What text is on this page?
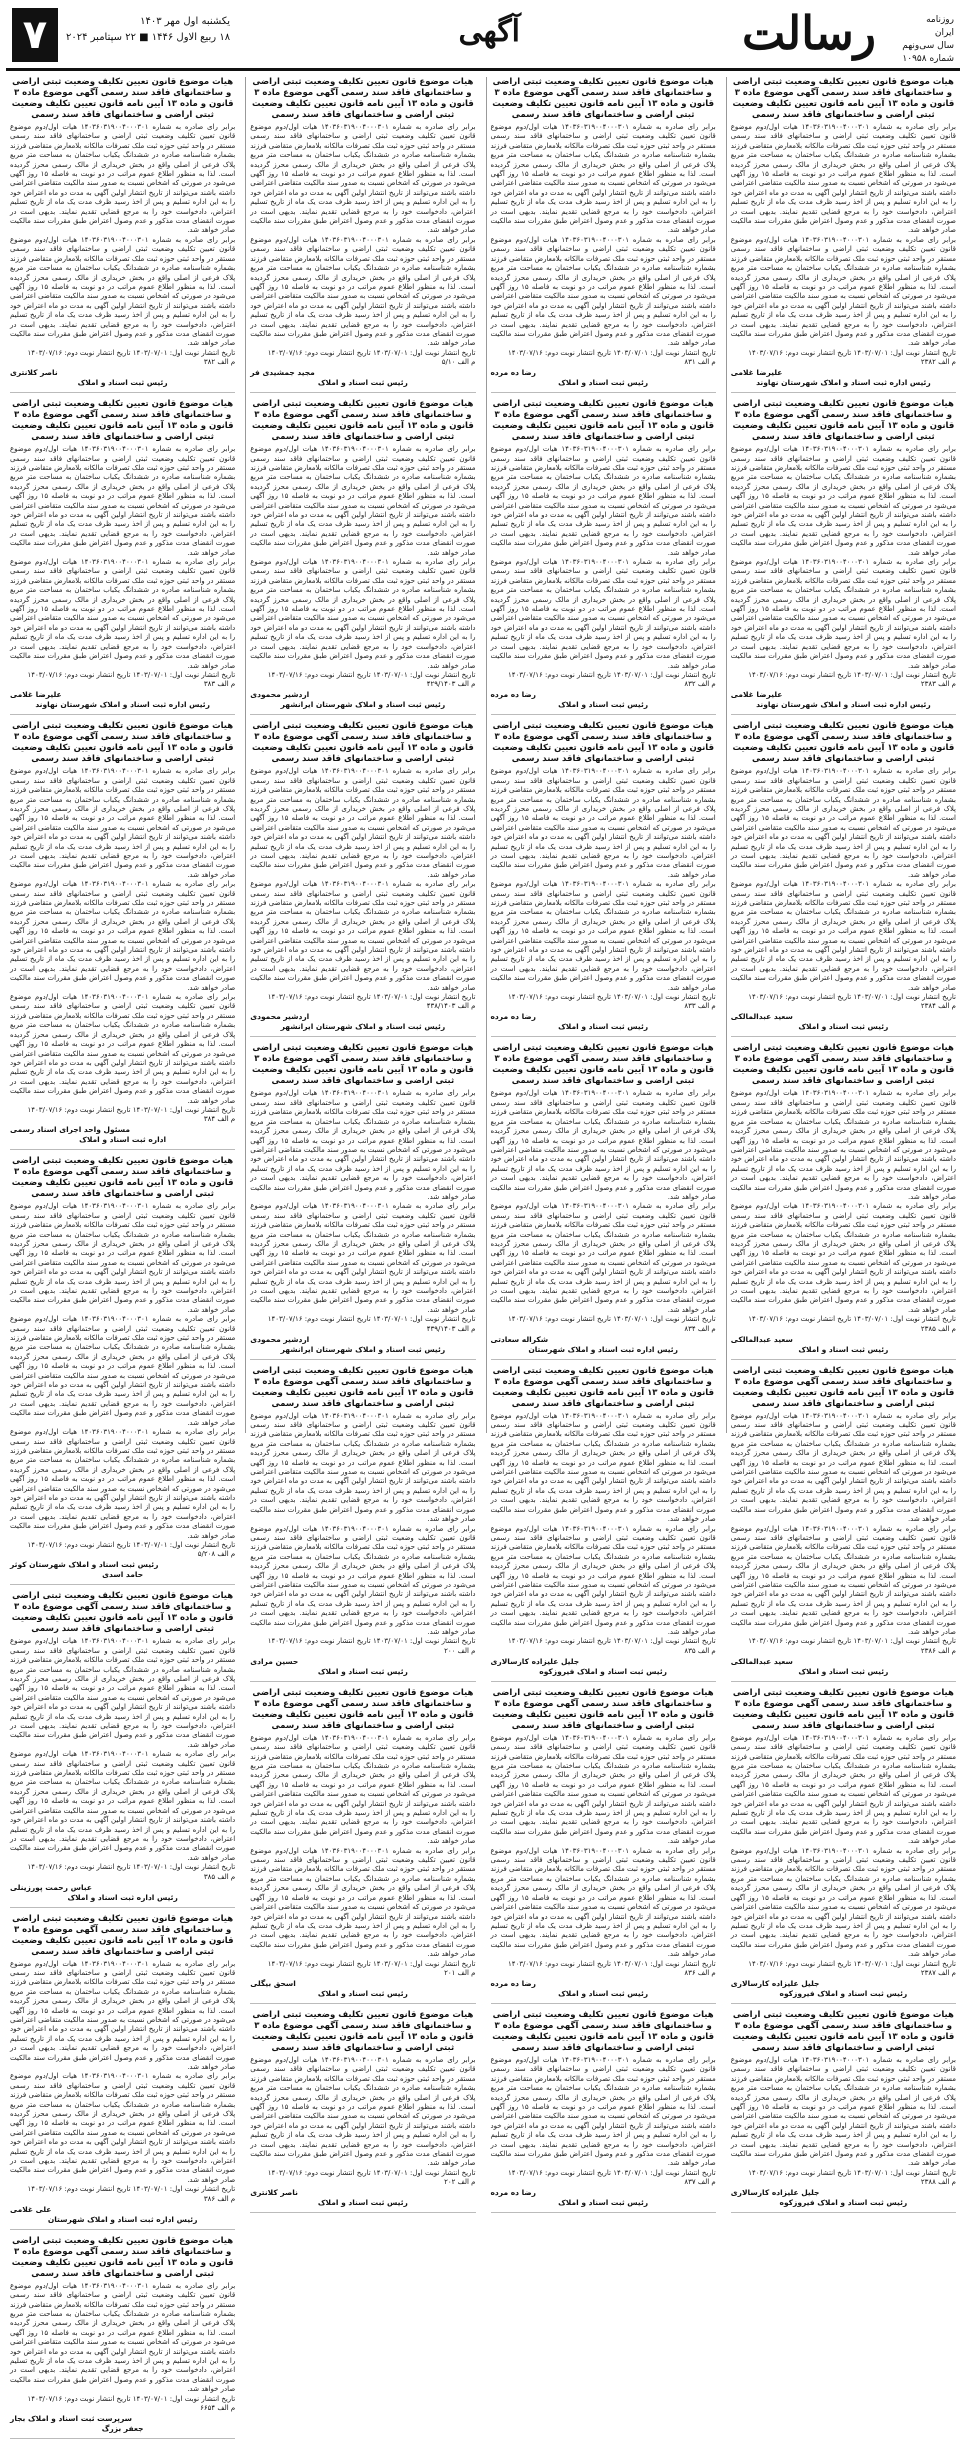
روزنامه
ایران
سال سی‌ونهم
شماره ۱۰۹۵۸
رسالت
آگهی
یکشنبه اول مهر ۱۴۰۳
۱۸ ربیع الاول ۱۴۴۶ ■ ۲۲ سپتامبر ۲۰۲۴
۷
هیات موضوع قانون تعیین تکلیف وضعیت ثبتی اراضی و ساختمانهای فاقد سند رسمی آگهی موضوع ماده ۳ قانون و ماده ۱۳ آیین نامه قانون تعیین تکلیف وضعیت ثبتی اراضی و ساختمانهای فاقد سند رسمی

برابر رای صادره به شماره ۱۴۰۳۶۰۳۱۹۰۰۴۰۰۰۳۰۱ هیات اول/دوم موضوع قانون تعیین تکلیف وضعیت ثبتی اراضی و ساختمانهای فاقد سند رسمی مستقر در واحد ثبتی حوزه ثبت ملک تصرفات مالکانه بلامعارض متقاضی فرزند بشماره شناسنامه صادره در ششدانگ یکباب ساختمان به مساحت متر مربع پلاک فرعی از اصلی واقع در بخش خریداری از مالک رسمی محرز گردیده است. لذا به منظور اطلاع عموم مراتب در دو نوبت به فاصله ۱۵ روز آگهی می‌شود در صورتی که اشخاص نسبت به صدور سند مالکیت متقاضی اعتراضی داشته باشند می‌توانند از تاریخ انتشار اولین آگهی به مدت دو ماه اعتراض خود را به این اداره تسلیم و پس از اخذ رسید ظرف مدت یک ماه از تاریخ تسلیم اعتراض، دادخواست خود را به مرجع قضایی تقدیم نمایند. بدیهی است در صورت انقضای مدت مذکور و عدم وصول اعتراض طبق مقررات سند مالکیت صادر خواهد شد.

برابر رای صادره به شماره ۱۴۰۳۶۰۳۱۹۰۰۴۰۰۰۳۰۱ هیات اول/دوم موضوع قانون تعیین تکلیف وضعیت ثبتی اراضی و ساختمانهای فاقد سند رسمی مستقر در واحد ثبتی حوزه ثبت ملک تصرفات مالکانه بلامعارض متقاضی فرزند بشماره شناسنامه صادره در ششدانگ یکباب ساختمان به مساحت متر مربع پلاک فرعی از اصلی واقع در بخش خریداری از مالک رسمی محرز گردیده است. لذا به منظور اطلاع عموم مراتب در دو نوبت به فاصله ۱۵ روز آگهی می‌شود در صورتی که اشخاص نسبت به صدور سند مالکیت متقاضی اعتراضی داشته باشند می‌توانند از تاریخ انتشار اولین آگهی به مدت دو ماه اعتراض خود را به این اداره تسلیم و پس از اخذ رسید ظرف مدت یک ماه از تاریخ تسلیم اعتراض، دادخواست خود را به مرجع قضایی تقدیم نمایند. بدیهی است در صورت انقضای مدت مذکور و عدم وصول اعتراض طبق مقررات سند مالکیت صادر خواهد شد.

تاریخ انتشار نوبت اول: ۱۴۰۳/۰۷/۰۱ تاریخ انتشار نوبت دوم: ۱۴۰۳/۰۷/۱۶
م الف ۲۳۸۲
علیرضا غلامی
رئیس اداره ثبت اسناد و املاک شهرستان نهاوند
هیات موضوع قانون تعیین تکلیف وضعیت ثبتی اراضی و ساختمانهای فاقد سند رسمی آگهی موضوع ماده ۳ قانون و ماده ۱۳ آیین نامه قانون تعیین تکلیف وضعیت ثبتی اراضی و ساختمانهای فاقد سند رسمی

برابر رای صادره به شماره ۱۴۰۳۶۰۳۱۹۰۰۴۰۰۰۳۰۱ هیات اول/دوم موضوع قانون تعیین تکلیف وضعیت ثبتی اراضی و ساختمانهای فاقد سند رسمی مستقر در واحد ثبتی حوزه ثبت ملک تصرفات مالکانه بلامعارض متقاضی فرزند بشماره شناسنامه صادره در ششدانگ یکباب ساختمان به مساحت متر مربع پلاک فرعی از اصلی واقع در بخش خریداری از مالک رسمی محرز گردیده است. لذا به منظور اطلاع عموم مراتب در دو نوبت به فاصله ۱۵ روز آگهی می‌شود در صورتی که اشخاص نسبت به صدور سند مالکیت متقاضی اعتراضی داشته باشند می‌توانند از تاریخ انتشار اولین آگهی به مدت دو ماه اعتراض خود را به این اداره تسلیم و پس از اخذ رسید ظرف مدت یک ماه از تاریخ تسلیم اعتراض، دادخواست خود را به مرجع قضایی تقدیم نمایند. بدیهی است در صورت انقضای مدت مذکور و عدم وصول اعتراض طبق مقررات سند مالکیت صادر خواهد شد.

برابر رای صادره به شماره ۱۴۰۳۶۰۳۱۹۰۰۴۰۰۰۳۰۱ هیات اول/دوم موضوع قانون تعیین تکلیف وضعیت ثبتی اراضی و ساختمانهای فاقد سند رسمی مستقر در واحد ثبتی حوزه ثبت ملک تصرفات مالکانه بلامعارض متقاضی فرزند بشماره شناسنامه صادره در ششدانگ یکباب ساختمان به مساحت متر مربع پلاک فرعی از اصلی واقع در بخش خریداری از مالک رسمی محرز گردیده است. لذا به منظور اطلاع عموم مراتب در دو نوبت به فاصله ۱۵ روز آگهی می‌شود در صورتی که اشخاص نسبت به صدور سند مالکیت متقاضی اعتراضی داشته باشند می‌توانند از تاریخ انتشار اولین آگهی به مدت دو ماه اعتراض خود را به این اداره تسلیم و پس از اخذ رسید ظرف مدت یک ماه از تاریخ تسلیم اعتراض، دادخواست خود را به مرجع قضایی تقدیم نمایند. بدیهی است در صورت انقضای مدت مذکور و عدم وصول اعتراض طبق مقررات سند مالکیت صادر خواهد شد.

تاریخ انتشار نوبت اول: ۱۴۰۳/۰۷/۰۱ تاریخ انتشار نوبت دوم: ۱۴۰۳/۰۷/۱۶
م الف ۲۳۸۳
علیرضا غلامی
رئیس اداره ثبت اسناد و املاک شهرستان نهاوند
هیات موضوع قانون تعیین تکلیف وضعیت ثبتی اراضی و ساختمانهای فاقد سند رسمی آگهی موضوع ماده ۳ قانون و ماده ۱۳ آیین نامه قانون تعیین تکلیف وضعیت ثبتی اراضی و ساختمانهای فاقد سند رسمی

برابر رای صادره به شماره ۱۴۰۳۶۰۳۱۹۰۰۴۰۰۰۳۰۱ هیات اول/دوم موضوع قانون تعیین تکلیف وضعیت ثبتی اراضی و ساختمانهای فاقد سند رسمی مستقر در واحد ثبتی حوزه ثبت ملک تصرفات مالکانه بلامعارض متقاضی فرزند بشماره شناسنامه صادره در ششدانگ یکباب ساختمان به مساحت متر مربع پلاک فرعی از اصلی واقع در بخش خریداری از مالک رسمی محرز گردیده است. لذا به منظور اطلاع عموم مراتب در دو نوبت به فاصله ۱۵ روز آگهی می‌شود در صورتی که اشخاص نسبت به صدور سند مالکیت متقاضی اعتراضی داشته باشند می‌توانند از تاریخ انتشار اولین آگهی به مدت دو ماه اعتراض خود را به این اداره تسلیم و پس از اخذ رسید ظرف مدت یک ماه از تاریخ تسلیم اعتراض، دادخواست خود را به مرجع قضایی تقدیم نمایند. بدیهی است در صورت انقضای مدت مذکور و عدم وصول اعتراض طبق مقررات سند مالکیت صادر خواهد شد.

برابر رای صادره به شماره ۱۴۰۳۶۰۳۱۹۰۰۴۰۰۰۳۰۱ هیات اول/دوم موضوع قانون تعیین تکلیف وضعیت ثبتی اراضی و ساختمانهای فاقد سند رسمی مستقر در واحد ثبتی حوزه ثبت ملک تصرفات مالکانه بلامعارض متقاضی فرزند بشماره شناسنامه صادره در ششدانگ یکباب ساختمان به مساحت متر مربع پلاک فرعی از اصلی واقع در بخش خریداری از مالک رسمی محرز گردیده است. لذا به منظور اطلاع عموم مراتب در دو نوبت به فاصله ۱۵ روز آگهی می‌شود در صورتی که اشخاص نسبت به صدور سند مالکیت متقاضی اعتراضی داشته باشند می‌توانند از تاریخ انتشار اولین آگهی به مدت دو ماه اعتراض خود را به این اداره تسلیم و پس از اخذ رسید ظرف مدت یک ماه از تاریخ تسلیم اعتراض، دادخواست خود را به مرجع قضایی تقدیم نمایند. بدیهی است در صورت انقضای مدت مذکور و عدم وصول اعتراض طبق مقررات سند مالکیت صادر خواهد شد.

تاریخ انتشار نوبت اول: ۱۴۰۳/۰۷/۰۱ تاریخ انتشار نوبت دوم: ۱۴۰۳/۰۷/۱۶
م الف ۲۳۸۴
سعید عبدالمالکی
رئیس ثبت اسناد و املاک
هیات موضوع قانون تعیین تکلیف وضعیت ثبتی اراضی و ساختمانهای فاقد سند رسمی آگهی موضوع ماده ۳ قانون و ماده ۱۳ آیین نامه قانون تعیین تکلیف وضعیت ثبتی اراضی و ساختمانهای فاقد سند رسمی

برابر رای صادره به شماره ۱۴۰۳۶۰۳۱۹۰۰۴۰۰۰۳۰۱ هیات اول/دوم موضوع قانون تعیین تکلیف وضعیت ثبتی اراضی و ساختمانهای فاقد سند رسمی مستقر در واحد ثبتی حوزه ثبت ملک تصرفات مالکانه بلامعارض متقاضی فرزند بشماره شناسنامه صادره در ششدانگ یکباب ساختمان به مساحت متر مربع پلاک فرعی از اصلی واقع در بخش خریداری از مالک رسمی محرز گردیده است. لذا به منظور اطلاع عموم مراتب در دو نوبت به فاصله ۱۵ روز آگهی می‌شود در صورتی که اشخاص نسبت به صدور سند مالکیت متقاضی اعتراضی داشته باشند می‌توانند از تاریخ انتشار اولین آگهی به مدت دو ماه اعتراض خود را به این اداره تسلیم و پس از اخذ رسید ظرف مدت یک ماه از تاریخ تسلیم اعتراض، دادخواست خود را به مرجع قضایی تقدیم نمایند. بدیهی است در صورت انقضای مدت مذکور و عدم وصول اعتراض طبق مقررات سند مالکیت صادر خواهد شد.

برابر رای صادره به شماره ۱۴۰۳۶۰۳۱۹۰۰۴۰۰۰۳۰۱ هیات اول/دوم موضوع قانون تعیین تکلیف وضعیت ثبتی اراضی و ساختمانهای فاقد سند رسمی مستقر در واحد ثبتی حوزه ثبت ملک تصرفات مالکانه بلامعارض متقاضی فرزند بشماره شناسنامه صادره در ششدانگ یکباب ساختمان به مساحت متر مربع پلاک فرعی از اصلی واقع در بخش خریداری از مالک رسمی محرز گردیده است. لذا به منظور اطلاع عموم مراتب در دو نوبت به فاصله ۱۵ روز آگهی می‌شود در صورتی که اشخاص نسبت به صدور سند مالکیت متقاضی اعتراضی داشته باشند می‌توانند از تاریخ انتشار اولین آگهی به مدت دو ماه اعتراض خود را به این اداره تسلیم و پس از اخذ رسید ظرف مدت یک ماه از تاریخ تسلیم اعتراض، دادخواست خود را به مرجع قضایی تقدیم نمایند. بدیهی است در صورت انقضای مدت مذکور و عدم وصول اعتراض طبق مقررات سند مالکیت صادر خواهد شد.

تاریخ انتشار نوبت اول: ۱۴۰۳/۰۷/۰۱ تاریخ انتشار نوبت دوم: ۱۴۰۳/۰۷/۱۶
م الف ۲۳۸۵
سعید عبدالمالکی
رئیس ثبت اسناد و املاک
هیات موضوع قانون تعیین تکلیف وضعیت ثبتی اراضی و ساختمانهای فاقد سند رسمی آگهی موضوع ماده ۳ قانون و ماده ۱۳ آیین نامه قانون تعیین تکلیف وضعیت ثبتی اراضی و ساختمانهای فاقد سند رسمی

برابر رای صادره به شماره ۱۴۰۳۶۰۳۱۹۰۰۴۰۰۰۳۰۱ هیات اول/دوم موضوع قانون تعیین تکلیف وضعیت ثبتی اراضی و ساختمانهای فاقد سند رسمی مستقر در واحد ثبتی حوزه ثبت ملک تصرفات مالکانه بلامعارض متقاضی فرزند بشماره شناسنامه صادره در ششدانگ یکباب ساختمان به مساحت متر مربع پلاک فرعی از اصلی واقع در بخش خریداری از مالک رسمی محرز گردیده است. لذا به منظور اطلاع عموم مراتب در دو نوبت به فاصله ۱۵ روز آگهی می‌شود در صورتی که اشخاص نسبت به صدور سند مالکیت متقاضی اعتراضی داشته باشند می‌توانند از تاریخ انتشار اولین آگهی به مدت دو ماه اعتراض خود را به این اداره تسلیم و پس از اخذ رسید ظرف مدت یک ماه از تاریخ تسلیم اعتراض، دادخواست خود را به مرجع قضایی تقدیم نمایند. بدیهی است در صورت انقضای مدت مذکور و عدم وصول اعتراض طبق مقررات سند مالکیت صادر خواهد شد.

برابر رای صادره به شماره ۱۴۰۳۶۰۳۱۹۰۰۴۰۰۰۳۰۱ هیات اول/دوم موضوع قانون تعیین تکلیف وضعیت ثبتی اراضی و ساختمانهای فاقد سند رسمی مستقر در واحد ثبتی حوزه ثبت ملک تصرفات مالکانه بلامعارض متقاضی فرزند بشماره شناسنامه صادره در ششدانگ یکباب ساختمان به مساحت متر مربع پلاک فرعی از اصلی واقع در بخش خریداری از مالک رسمی محرز گردیده است. لذا به منظور اطلاع عموم مراتب در دو نوبت به فاصله ۱۵ روز آگهی می‌شود در صورتی که اشخاص نسبت به صدور سند مالکیت متقاضی اعتراضی داشته باشند می‌توانند از تاریخ انتشار اولین آگهی به مدت دو ماه اعتراض خود را به این اداره تسلیم و پس از اخذ رسید ظرف مدت یک ماه از تاریخ تسلیم اعتراض، دادخواست خود را به مرجع قضایی تقدیم نمایند. بدیهی است در صورت انقضای مدت مذکور و عدم وصول اعتراض طبق مقررات سند مالکیت صادر خواهد شد.

تاریخ انتشار نوبت اول: ۱۴۰۳/۰۷/۰۱ تاریخ انتشار نوبت دوم: ۱۴۰۳/۰۷/۱۶
م الف ۲۳۸۶
سعید عبدالمالکی
رئیس ثبت اسناد و املاک
هیات موضوع قانون تعیین تکلیف وضعیت ثبتی اراضی و ساختمانهای فاقد سند رسمی آگهی موضوع ماده ۳ قانون و ماده ۱۳ آیین نامه قانون تعیین تکلیف وضعیت ثبتی اراضی و ساختمانهای فاقد سند رسمی

برابر رای صادره به شماره ۱۴۰۳۶۰۳۱۹۰۰۴۰۰۰۳۰۱ هیات اول/دوم موضوع قانون تعیین تکلیف وضعیت ثبتی اراضی و ساختمانهای فاقد سند رسمی مستقر در واحد ثبتی حوزه ثبت ملک تصرفات مالکانه بلامعارض متقاضی فرزند بشماره شناسنامه صادره در ششدانگ یکباب ساختمان به مساحت متر مربع پلاک فرعی از اصلی واقع در بخش خریداری از مالک رسمی محرز گردیده است. لذا به منظور اطلاع عموم مراتب در دو نوبت به فاصله ۱۵ روز آگهی می‌شود در صورتی که اشخاص نسبت به صدور سند مالکیت متقاضی اعتراضی داشته باشند می‌توانند از تاریخ انتشار اولین آگهی به مدت دو ماه اعتراض خود را به این اداره تسلیم و پس از اخذ رسید ظرف مدت یک ماه از تاریخ تسلیم اعتراض، دادخواست خود را به مرجع قضایی تقدیم نمایند. بدیهی است در صورت انقضای مدت مذکور و عدم وصول اعتراض طبق مقررات سند مالکیت صادر خواهد شد.

برابر رای صادره به شماره ۱۴۰۳۶۰۳۱۹۰۰۴۰۰۰۳۰۱ هیات اول/دوم موضوع قانون تعیین تکلیف وضعیت ثبتی اراضی و ساختمانهای فاقد سند رسمی مستقر در واحد ثبتی حوزه ثبت ملک تصرفات مالکانه بلامعارض متقاضی فرزند بشماره شناسنامه صادره در ششدانگ یکباب ساختمان به مساحت متر مربع پلاک فرعی از اصلی واقع در بخش خریداری از مالک رسمی محرز گردیده است. لذا به منظور اطلاع عموم مراتب در دو نوبت به فاصله ۱۵ روز آگهی می‌شود در صورتی که اشخاص نسبت به صدور سند مالکیت متقاضی اعتراضی داشته باشند می‌توانند از تاریخ انتشار اولین آگهی به مدت دو ماه اعتراض خود را به این اداره تسلیم و پس از اخذ رسید ظرف مدت یک ماه از تاریخ تسلیم اعتراض، دادخواست خود را به مرجع قضایی تقدیم نمایند. بدیهی است در صورت انقضای مدت مذکور و عدم وصول اعتراض طبق مقررات سند مالکیت صادر خواهد شد.

تاریخ انتشار نوبت اول: ۱۴۰۳/۰۷/۰۱ تاریخ انتشار نوبت دوم: ۱۴۰۳/۰۷/۱۶
م الف ۲۳۸۷
جلیل علیزاده کارسالاری
رئیس ثبت اسناد و املاک فیروزکوه
هیات موضوع قانون تعیین تکلیف وضعیت ثبتی اراضی و ساختمانهای فاقد سند رسمی آگهی موضوع ماده ۳ قانون و ماده ۱۳ آیین نامه قانون تعیین تکلیف وضعیت ثبتی اراضی و ساختمانهای فاقد سند رسمی

برابر رای صادره به شماره ۱۴۰۳۶۰۳۱۹۰۰۴۰۰۰۳۰۱ هیات اول/دوم موضوع قانون تعیین تکلیف وضعیت ثبتی اراضی و ساختمانهای فاقد سند رسمی مستقر در واحد ثبتی حوزه ثبت ملک تصرفات مالکانه بلامعارض متقاضی فرزند بشماره شناسنامه صادره در ششدانگ یکباب ساختمان به مساحت متر مربع پلاک فرعی از اصلی واقع در بخش خریداری از مالک رسمی محرز گردیده است. لذا به منظور اطلاع عموم مراتب در دو نوبت به فاصله ۱۵ روز آگهی می‌شود در صورتی که اشخاص نسبت به صدور سند مالکیت متقاضی اعتراضی داشته باشند می‌توانند از تاریخ انتشار اولین آگهی به مدت دو ماه اعتراض خود را به این اداره تسلیم و پس از اخذ رسید ظرف مدت یک ماه از تاریخ تسلیم اعتراض، دادخواست خود را به مرجع قضایی تقدیم نمایند. بدیهی است در صورت انقضای مدت مذکور و عدم وصول اعتراض طبق مقررات سند مالکیت صادر خواهد شد.

تاریخ انتشار نوبت اول: ۱۴۰۳/۰۷/۰۱ تاریخ انتشار نوبت دوم: ۱۴۰۳/۰۷/۱۶
م الف ۲۳۸۸
جلیل علیزاده کارسالاری
رئیس ثبت اسناد و املاک فیروزکوه
هیات موضوع قانون تعیین تکلیف وضعیت ثبتی اراضی و ساختمانهای فاقد سند رسمی آگهی موضوع ماده ۳ قانون و ماده ۱۳ آیین نامه قانون تعیین تکلیف وضعیت ثبتی اراضی و ساختمانهای فاقد سند رسمی

برابر رای صادره به شماره ۱۴۰۳۶۰۳۱۹۰۰۴۰۰۰۳۰۱ هیات اول/دوم موضوع قانون تعیین تکلیف وضعیت ثبتی اراضی و ساختمانهای فاقد سند رسمی مستقر در واحد ثبتی حوزه ثبت ملک تصرفات مالکانه بلامعارض متقاضی فرزند بشماره شناسنامه صادره در ششدانگ یکباب ساختمان به مساحت متر مربع پلاک فرعی از اصلی واقع در بخش خریداری از مالک رسمی محرز گردیده است. لذا به منظور اطلاع عموم مراتب در دو نوبت به فاصله ۱۵ روز آگهی می‌شود در صورتی که اشخاص نسبت به صدور سند مالکیت متقاضی اعتراضی داشته باشند می‌توانند از تاریخ انتشار اولین آگهی به مدت دو ماه اعتراض خود را به این اداره تسلیم و پس از اخذ رسید ظرف مدت یک ماه از تاریخ تسلیم اعتراض، دادخواست خود را به مرجع قضایی تقدیم نمایند. بدیهی است در صورت انقضای مدت مذکور و عدم وصول اعتراض طبق مقررات سند مالکیت صادر خواهد شد.

برابر رای صادره به شماره ۱۴۰۳۶۰۳۱۹۰۰۴۰۰۰۳۰۱ هیات اول/دوم موضوع قانون تعیین تکلیف وضعیت ثبتی اراضی و ساختمانهای فاقد سند رسمی مستقر در واحد ثبتی حوزه ثبت ملک تصرفات مالکانه بلامعارض متقاضی فرزند بشماره شناسنامه صادره در ششدانگ یکباب ساختمان به مساحت متر مربع پلاک فرعی از اصلی واقع در بخش خریداری از مالک رسمی محرز گردیده است. لذا به منظور اطلاع عموم مراتب در دو نوبت به فاصله ۱۵ روز آگهی می‌شود در صورتی که اشخاص نسبت به صدور سند مالکیت متقاضی اعتراضی داشته باشند می‌توانند از تاریخ انتشار اولین آگهی به مدت دو ماه اعتراض خود را به این اداره تسلیم و پس از اخذ رسید ظرف مدت یک ماه از تاریخ تسلیم اعتراض، دادخواست خود را به مرجع قضایی تقدیم نمایند. بدیهی است در صورت انقضای مدت مذکور و عدم وصول اعتراض طبق مقررات سند مالکیت صادر خواهد شد.

تاریخ انتشار نوبت اول: ۱۴۰۳/۰۷/۰۱ تاریخ انتشار نوبت دوم: ۱۴۰۳/۰۷/۱۶
م الف ۸۳۱
رضا ده مرده
رئیس ثبت اسناد و املاک
هیات موضوع قانون تعیین تکلیف وضعیت ثبتی اراضی و ساختمانهای فاقد سند رسمی آگهی موضوع ماده ۳ قانون و ماده ۱۳ آیین نامه قانون تعیین تکلیف وضعیت ثبتی اراضی و ساختمانهای فاقد سند رسمی

برابر رای صادره به شماره ۱۴۰۳۶۰۳۱۹۰۰۴۰۰۰۳۰۱ هیات اول/دوم موضوع قانون تعیین تکلیف وضعیت ثبتی اراضی و ساختمانهای فاقد سند رسمی مستقر در واحد ثبتی حوزه ثبت ملک تصرفات مالکانه بلامعارض متقاضی فرزند بشماره شناسنامه صادره در ششدانگ یکباب ساختمان به مساحت متر مربع پلاک فرعی از اصلی واقع در بخش خریداری از مالک رسمی محرز گردیده است. لذا به منظور اطلاع عموم مراتب در دو نوبت به فاصله ۱۵ روز آگهی می‌شود در صورتی که اشخاص نسبت به صدور سند مالکیت متقاضی اعتراضی داشته باشند می‌توانند از تاریخ انتشار اولین آگهی به مدت دو ماه اعتراض خود را به این اداره تسلیم و پس از اخذ رسید ظرف مدت یک ماه از تاریخ تسلیم اعتراض، دادخواست خود را به مرجع قضایی تقدیم نمایند. بدیهی است در صورت انقضای مدت مذکور و عدم وصول اعتراض طبق مقررات سند مالکیت صادر خواهد شد.

برابر رای صادره به شماره ۱۴۰۳۶۰۳۱۹۰۰۴۰۰۰۳۰۱ هیات اول/دوم موضوع قانون تعیین تکلیف وضعیت ثبتی اراضی و ساختمانهای فاقد سند رسمی مستقر در واحد ثبتی حوزه ثبت ملک تصرفات مالکانه بلامعارض متقاضی فرزند بشماره شناسنامه صادره در ششدانگ یکباب ساختمان به مساحت متر مربع پلاک فرعی از اصلی واقع در بخش خریداری از مالک رسمی محرز گردیده است. لذا به منظور اطلاع عموم مراتب در دو نوبت به فاصله ۱۵ روز آگهی می‌شود در صورتی که اشخاص نسبت به صدور سند مالکیت متقاضی اعتراضی داشته باشند می‌توانند از تاریخ انتشار اولین آگهی به مدت دو ماه اعتراض خود را به این اداره تسلیم و پس از اخذ رسید ظرف مدت یک ماه از تاریخ تسلیم اعتراض، دادخواست خود را به مرجع قضایی تقدیم نمایند. بدیهی است در صورت انقضای مدت مذکور و عدم وصول اعتراض طبق مقررات سند مالکیت صادر خواهد شد.

تاریخ انتشار نوبت اول: ۱۴۰۳/۰۷/۰۱ تاریخ انتشار نوبت دوم: ۱۴۰۳/۰۷/۱۶
م الف ۸۳۲
رضا ده مرده
رئیس ثبت اسناد و املاک
هیات موضوع قانون تعیین تکلیف وضعیت ثبتی اراضی و ساختمانهای فاقد سند رسمی آگهی موضوع ماده ۳ قانون و ماده ۱۳ آیین نامه قانون تعیین تکلیف وضعیت ثبتی اراضی و ساختمانهای فاقد سند رسمی

برابر رای صادره به شماره ۱۴۰۳۶۰۳۱۹۰۰۴۰۰۰۳۰۱ هیات اول/دوم موضوع قانون تعیین تکلیف وضعیت ثبتی اراضی و ساختمانهای فاقد سند رسمی مستقر در واحد ثبتی حوزه ثبت ملک تصرفات مالکانه بلامعارض متقاضی فرزند بشماره شناسنامه صادره در ششدانگ یکباب ساختمان به مساحت متر مربع پلاک فرعی از اصلی واقع در بخش خریداری از مالک رسمی محرز گردیده است. لذا به منظور اطلاع عموم مراتب در دو نوبت به فاصله ۱۵ روز آگهی می‌شود در صورتی که اشخاص نسبت به صدور سند مالکیت متقاضی اعتراضی داشته باشند می‌توانند از تاریخ انتشار اولین آگهی به مدت دو ماه اعتراض خود را به این اداره تسلیم و پس از اخذ رسید ظرف مدت یک ماه از تاریخ تسلیم اعتراض، دادخواست خود را به مرجع قضایی تقدیم نمایند. بدیهی است در صورت انقضای مدت مذکور و عدم وصول اعتراض طبق مقررات سند مالکیت صادر خواهد شد.

برابر رای صادره به شماره ۱۴۰۳۶۰۳۱۹۰۰۴۰۰۰۳۰۱ هیات اول/دوم موضوع قانون تعیین تکلیف وضعیت ثبتی اراضی و ساختمانهای فاقد سند رسمی مستقر در واحد ثبتی حوزه ثبت ملک تصرفات مالکانه بلامعارض متقاضی فرزند بشماره شناسنامه صادره در ششدانگ یکباب ساختمان به مساحت متر مربع پلاک فرعی از اصلی واقع در بخش خریداری از مالک رسمی محرز گردیده است. لذا به منظور اطلاع عموم مراتب در دو نوبت به فاصله ۱۵ روز آگهی می‌شود در صورتی که اشخاص نسبت به صدور سند مالکیت متقاضی اعتراضی داشته باشند می‌توانند از تاریخ انتشار اولین آگهی به مدت دو ماه اعتراض خود را به این اداره تسلیم و پس از اخذ رسید ظرف مدت یک ماه از تاریخ تسلیم اعتراض، دادخواست خود را به مرجع قضایی تقدیم نمایند. بدیهی است در صورت انقضای مدت مذکور و عدم وصول اعتراض طبق مقررات سند مالکیت صادر خواهد شد.

تاریخ انتشار نوبت اول: ۱۴۰۳/۰۷/۰۱ تاریخ انتشار نوبت دوم: ۱۴۰۳/۰۷/۱۶
م الف ۸۳۳
رضا ده مرده
رئیس ثبت اسناد و املاک
هیات موضوع قانون تعیین تکلیف وضعیت ثبتی اراضی و ساختمانهای فاقد سند رسمی آگهی موضوع ماده ۳ قانون و ماده ۱۳ آیین نامه قانون تعیین تکلیف وضعیت ثبتی اراضی و ساختمانهای فاقد سند رسمی

برابر رای صادره به شماره ۱۴۰۳۶۰۳۱۹۰۰۴۰۰۰۳۰۱ هیات اول/دوم موضوع قانون تعیین تکلیف وضعیت ثبتی اراضی و ساختمانهای فاقد سند رسمی مستقر در واحد ثبتی حوزه ثبت ملک تصرفات مالکانه بلامعارض متقاضی فرزند بشماره شناسنامه صادره در ششدانگ یکباب ساختمان به مساحت متر مربع پلاک فرعی از اصلی واقع در بخش خریداری از مالک رسمی محرز گردیده است. لذا به منظور اطلاع عموم مراتب در دو نوبت به فاصله ۱۵ روز آگهی می‌شود در صورتی که اشخاص نسبت به صدور سند مالکیت متقاضی اعتراضی داشته باشند می‌توانند از تاریخ انتشار اولین آگهی به مدت دو ماه اعتراض خود را به این اداره تسلیم و پس از اخذ رسید ظرف مدت یک ماه از تاریخ تسلیم اعتراض، دادخواست خود را به مرجع قضایی تقدیم نمایند. بدیهی است در صورت انقضای مدت مذکور و عدم وصول اعتراض طبق مقررات سند مالکیت صادر خواهد شد.

برابر رای صادره به شماره ۱۴۰۳۶۰۳۱۹۰۰۴۰۰۰۳۰۱ هیات اول/دوم موضوع قانون تعیین تکلیف وضعیت ثبتی اراضی و ساختمانهای فاقد سند رسمی مستقر در واحد ثبتی حوزه ثبت ملک تصرفات مالکانه بلامعارض متقاضی فرزند بشماره شناسنامه صادره در ششدانگ یکباب ساختمان به مساحت متر مربع پلاک فرعی از اصلی واقع در بخش خریداری از مالک رسمی محرز گردیده است. لذا به منظور اطلاع عموم مراتب در دو نوبت به فاصله ۱۵ روز آگهی می‌شود در صورتی که اشخاص نسبت به صدور سند مالکیت متقاضی اعتراضی داشته باشند می‌توانند از تاریخ انتشار اولین آگهی به مدت دو ماه اعتراض خود را به این اداره تسلیم و پس از اخذ رسید ظرف مدت یک ماه از تاریخ تسلیم اعتراض، دادخواست خود را به مرجع قضایی تقدیم نمایند. بدیهی است در صورت انقضای مدت مذکور و عدم وصول اعتراض طبق مقررات سند مالکیت صادر خواهد شد.

تاریخ انتشار نوبت اول: ۱۴۰۳/۰۷/۰۱ تاریخ انتشار نوبت دوم: ۱۴۰۳/۰۷/۱۶
م الف ۸۳۴
شکراله سعادتی
رئیس اداره ثبت اسناد و املاک شهرستان
هیات موضوع قانون تعیین تکلیف وضعیت ثبتی اراضی و ساختمانهای فاقد سند رسمی آگهی موضوع ماده ۳ قانون و ماده ۱۳ آیین نامه قانون تعیین تکلیف وضعیت ثبتی اراضی و ساختمانهای فاقد سند رسمی

برابر رای صادره به شماره ۱۴۰۳۶۰۳۱۹۰۰۴۰۰۰۳۰۱ هیات اول/دوم موضوع قانون تعیین تکلیف وضعیت ثبتی اراضی و ساختمانهای فاقد سند رسمی مستقر در واحد ثبتی حوزه ثبت ملک تصرفات مالکانه بلامعارض متقاضی فرزند بشماره شناسنامه صادره در ششدانگ یکباب ساختمان به مساحت متر مربع پلاک فرعی از اصلی واقع در بخش خریداری از مالک رسمی محرز گردیده است. لذا به منظور اطلاع عموم مراتب در دو نوبت به فاصله ۱۵ روز آگهی می‌شود در صورتی که اشخاص نسبت به صدور سند مالکیت متقاضی اعتراضی داشته باشند می‌توانند از تاریخ انتشار اولین آگهی به مدت دو ماه اعتراض خود را به این اداره تسلیم و پس از اخذ رسید ظرف مدت یک ماه از تاریخ تسلیم اعتراض، دادخواست خود را به مرجع قضایی تقدیم نمایند. بدیهی است در صورت انقضای مدت مذکور و عدم وصول اعتراض طبق مقررات سند مالکیت صادر خواهد شد.

برابر رای صادره به شماره ۱۴۰۳۶۰۳۱۹۰۰۴۰۰۰۳۰۱ هیات اول/دوم موضوع قانون تعیین تکلیف وضعیت ثبتی اراضی و ساختمانهای فاقد سند رسمی مستقر در واحد ثبتی حوزه ثبت ملک تصرفات مالکانه بلامعارض متقاضی فرزند بشماره شناسنامه صادره در ششدانگ یکباب ساختمان به مساحت متر مربع پلاک فرعی از اصلی واقع در بخش خریداری از مالک رسمی محرز گردیده است. لذا به منظور اطلاع عموم مراتب در دو نوبت به فاصله ۱۵ روز آگهی می‌شود در صورتی که اشخاص نسبت به صدور سند مالکیت متقاضی اعتراضی داشته باشند می‌توانند از تاریخ انتشار اولین آگهی به مدت دو ماه اعتراض خود را به این اداره تسلیم و پس از اخذ رسید ظرف مدت یک ماه از تاریخ تسلیم اعتراض، دادخواست خود را به مرجع قضایی تقدیم نمایند. بدیهی است در صورت انقضای مدت مذکور و عدم وصول اعتراض طبق مقررات سند مالکیت صادر خواهد شد.

تاریخ انتشار نوبت اول: ۱۴۰۳/۰۷/۰۱ تاریخ انتشار نوبت دوم: ۱۴۰۳/۰۷/۱۶
م الف ۸۳۵
جلیل علیزاده کارسالاری
رئیس ثبت اسناد و املاک فیروزکوه
هیات موضوع قانون تعیین تکلیف وضعیت ثبتی اراضی و ساختمانهای فاقد سند رسمی آگهی موضوع ماده ۳ قانون و ماده ۱۳ آیین نامه قانون تعیین تکلیف وضعیت ثبتی اراضی و ساختمانهای فاقد سند رسمی

برابر رای صادره به شماره ۱۴۰۳۶۰۳۱۹۰۰۴۰۰۰۳۰۱ هیات اول/دوم موضوع قانون تعیین تکلیف وضعیت ثبتی اراضی و ساختمانهای فاقد سند رسمی مستقر در واحد ثبتی حوزه ثبت ملک تصرفات مالکانه بلامعارض متقاضی فرزند بشماره شناسنامه صادره در ششدانگ یکباب ساختمان به مساحت متر مربع پلاک فرعی از اصلی واقع در بخش خریداری از مالک رسمی محرز گردیده است. لذا به منظور اطلاع عموم مراتب در دو نوبت به فاصله ۱۵ روز آگهی می‌شود در صورتی که اشخاص نسبت به صدور سند مالکیت متقاضی اعتراضی داشته باشند می‌توانند از تاریخ انتشار اولین آگهی به مدت دو ماه اعتراض خود را به این اداره تسلیم و پس از اخذ رسید ظرف مدت یک ماه از تاریخ تسلیم اعتراض، دادخواست خود را به مرجع قضایی تقدیم نمایند. بدیهی است در صورت انقضای مدت مذکور و عدم وصول اعتراض طبق مقررات سند مالکیت صادر خواهد شد.

برابر رای صادره به شماره ۱۴۰۳۶۰۳۱۹۰۰۴۰۰۰۳۰۱ هیات اول/دوم موضوع قانون تعیین تکلیف وضعیت ثبتی اراضی و ساختمانهای فاقد سند رسمی مستقر در واحد ثبتی حوزه ثبت ملک تصرفات مالکانه بلامعارض متقاضی فرزند بشماره شناسنامه صادره در ششدانگ یکباب ساختمان به مساحت متر مربع پلاک فرعی از اصلی واقع در بخش خریداری از مالک رسمی محرز گردیده است. لذا به منظور اطلاع عموم مراتب در دو نوبت به فاصله ۱۵ روز آگهی می‌شود در صورتی که اشخاص نسبت به صدور سند مالکیت متقاضی اعتراضی داشته باشند می‌توانند از تاریخ انتشار اولین آگهی به مدت دو ماه اعتراض خود را به این اداره تسلیم و پس از اخذ رسید ظرف مدت یک ماه از تاریخ تسلیم اعتراض، دادخواست خود را به مرجع قضایی تقدیم نمایند. بدیهی است در صورت انقضای مدت مذکور و عدم وصول اعتراض طبق مقررات سند مالکیت صادر خواهد شد.

تاریخ انتشار نوبت اول: ۱۴۰۳/۰۷/۰۱ تاریخ انتشار نوبت دوم: ۱۴۰۳/۰۷/۱۶
م الف ۸۳۶
رضا ده مرده
رئیس ثبت اسناد و املاک
هیات موضوع قانون تعیین تکلیف وضعیت ثبتی اراضی و ساختمانهای فاقد سند رسمی آگهی موضوع ماده ۳ قانون و ماده ۱۳ آیین نامه قانون تعیین تکلیف وضعیت ثبتی اراضی و ساختمانهای فاقد سند رسمی

برابر رای صادره به شماره ۱۴۰۳۶۰۳۱۹۰۰۴۰۰۰۳۰۱ هیات اول/دوم موضوع قانون تعیین تکلیف وضعیت ثبتی اراضی و ساختمانهای فاقد سند رسمی مستقر در واحد ثبتی حوزه ثبت ملک تصرفات مالکانه بلامعارض متقاضی فرزند بشماره شناسنامه صادره در ششدانگ یکباب ساختمان به مساحت متر مربع پلاک فرعی از اصلی واقع در بخش خریداری از مالک رسمی محرز گردیده است. لذا به منظور اطلاع عموم مراتب در دو نوبت به فاصله ۱۵ روز آگهی می‌شود در صورتی که اشخاص نسبت به صدور سند مالکیت متقاضی اعتراضی داشته باشند می‌توانند از تاریخ انتشار اولین آگهی به مدت دو ماه اعتراض خود را به این اداره تسلیم و پس از اخذ رسید ظرف مدت یک ماه از تاریخ تسلیم اعتراض، دادخواست خود را به مرجع قضایی تقدیم نمایند. بدیهی است در صورت انقضای مدت مذکور و عدم وصول اعتراض طبق مقررات سند مالکیت صادر خواهد شد.

تاریخ انتشار نوبت اول: ۱۴۰۳/۰۷/۰۱ تاریخ انتشار نوبت دوم: ۱۴۰۳/۰۷/۱۶
م الف ۸۳۷
رضا ده مرده
رئیس ثبت اسناد و املاک
هیات موضوع قانون تعیین تکلیف وضعیت ثبتی اراضی و ساختمانهای فاقد سند رسمی آگهی موضوع ماده ۳ قانون و ماده ۱۳ آیین نامه قانون تعیین تکلیف وضعیت ثبتی اراضی و ساختمانهای فاقد سند رسمی

برابر رای صادره به شماره ۱۴۰۳۶۰۳۱۹۰۰۴۰۰۰۳۰۱ هیات اول/دوم موضوع قانون تعیین تکلیف وضعیت ثبتی اراضی و ساختمانهای فاقد سند رسمی مستقر در واحد ثبتی حوزه ثبت ملک تصرفات مالکانه بلامعارض متقاضی فرزند بشماره شناسنامه صادره در ششدانگ یکباب ساختمان به مساحت متر مربع پلاک فرعی از اصلی واقع در بخش خریداری از مالک رسمی محرز گردیده است. لذا به منظور اطلاع عموم مراتب در دو نوبت به فاصله ۱۵ روز آگهی می‌شود در صورتی که اشخاص نسبت به صدور سند مالکیت متقاضی اعتراضی داشته باشند می‌توانند از تاریخ انتشار اولین آگهی به مدت دو ماه اعتراض خود را به این اداره تسلیم و پس از اخذ رسید ظرف مدت یک ماه از تاریخ تسلیم اعتراض، دادخواست خود را به مرجع قضایی تقدیم نمایند. بدیهی است در صورت انقضای مدت مذکور و عدم وصول اعتراض طبق مقررات سند مالکیت صادر خواهد شد.

برابر رای صادره به شماره ۱۴۰۳۶۰۳۱۹۰۰۴۰۰۰۳۰۱ هیات اول/دوم موضوع قانون تعیین تکلیف وضعیت ثبتی اراضی و ساختمانهای فاقد سند رسمی مستقر در واحد ثبتی حوزه ثبت ملک تصرفات مالکانه بلامعارض متقاضی فرزند بشماره شناسنامه صادره در ششدانگ یکباب ساختمان به مساحت متر مربع پلاک فرعی از اصلی واقع در بخش خریداری از مالک رسمی محرز گردیده است. لذا به منظور اطلاع عموم مراتب در دو نوبت به فاصله ۱۵ روز آگهی می‌شود در صورتی که اشخاص نسبت به صدور سند مالکیت متقاضی اعتراضی داشته باشند می‌توانند از تاریخ انتشار اولین آگهی به مدت دو ماه اعتراض خود را به این اداره تسلیم و پس از اخذ رسید ظرف مدت یک ماه از تاریخ تسلیم اعتراض، دادخواست خود را به مرجع قضایی تقدیم نمایند. بدیهی است در صورت انقضای مدت مذکور و عدم وصول اعتراض طبق مقررات سند مالکیت صادر خواهد شد.

تاریخ انتشار نوبت اول: ۱۴۰۳/۰۷/۰۱ تاریخ انتشار نوبت دوم: ۱۴۰۳/۰۷/۱۶
م الف ۵/۱۰
مجید جمشیدی فر
رئیس ثبت اسناد و املاک
هیات موضوع قانون تعیین تکلیف وضعیت ثبتی اراضی و ساختمانهای فاقد سند رسمی آگهی موضوع ماده ۳ قانون و ماده ۱۳ آیین نامه قانون تعیین تکلیف وضعیت ثبتی اراضی و ساختمانهای فاقد سند رسمی

برابر رای صادره به شماره ۱۴۰۳۶۰۳۱۹۰۰۴۰۰۰۳۰۱ هیات اول/دوم موضوع قانون تعیین تکلیف وضعیت ثبتی اراضی و ساختمانهای فاقد سند رسمی مستقر در واحد ثبتی حوزه ثبت ملک تصرفات مالکانه بلامعارض متقاضی فرزند بشماره شناسنامه صادره در ششدانگ یکباب ساختمان به مساحت متر مربع پلاک فرعی از اصلی واقع در بخش خریداری از مالک رسمی محرز گردیده است. لذا به منظور اطلاع عموم مراتب در دو نوبت به فاصله ۱۵ روز آگهی می‌شود در صورتی که اشخاص نسبت به صدور سند مالکیت متقاضی اعتراضی داشته باشند می‌توانند از تاریخ انتشار اولین آگهی به مدت دو ماه اعتراض خود را به این اداره تسلیم و پس از اخذ رسید ظرف مدت یک ماه از تاریخ تسلیم اعتراض، دادخواست خود را به مرجع قضایی تقدیم نمایند. بدیهی است در صورت انقضای مدت مذکور و عدم وصول اعتراض طبق مقررات سند مالکیت صادر خواهد شد.

برابر رای صادره به شماره ۱۴۰۳۶۰۳۱۹۰۰۴۰۰۰۳۰۱ هیات اول/دوم موضوع قانون تعیین تکلیف وضعیت ثبتی اراضی و ساختمانهای فاقد سند رسمی مستقر در واحد ثبتی حوزه ثبت ملک تصرفات مالکانه بلامعارض متقاضی فرزند بشماره شناسنامه صادره در ششدانگ یکباب ساختمان به مساحت متر مربع پلاک فرعی از اصلی واقع در بخش خریداری از مالک رسمی محرز گردیده است. لذا به منظور اطلاع عموم مراتب در دو نوبت به فاصله ۱۵ روز آگهی می‌شود در صورتی که اشخاص نسبت به صدور سند مالکیت متقاضی اعتراضی داشته باشند می‌توانند از تاریخ انتشار اولین آگهی به مدت دو ماه اعتراض خود را به این اداره تسلیم و پس از اخذ رسید ظرف مدت یک ماه از تاریخ تسلیم اعتراض، دادخواست خود را به مرجع قضایی تقدیم نمایند. بدیهی است در صورت انقضای مدت مذکور و عدم وصول اعتراض طبق مقررات سند مالکیت صادر خواهد شد.

تاریخ انتشار نوبت اول: ۱۴۰۳/۰۷/۰۱ تاریخ انتشار نوبت دوم: ۱۴۰۳/۰۷/۱۶
م الف ۴۲۹/۱۴۰۳
اردشیر محمودی
رئیس ثبت اسناد و املاک شهرستان ایرانشهر
هیات موضوع قانون تعیین تکلیف وضعیت ثبتی اراضی و ساختمانهای فاقد سند رسمی آگهی موضوع ماده ۳ قانون و ماده ۱۳ آیین نامه قانون تعیین تکلیف وضعیت ثبتی اراضی و ساختمانهای فاقد سند رسمی

برابر رای صادره به شماره ۱۴۰۳۶۰۳۱۹۰۰۴۰۰۰۳۰۱ هیات اول/دوم موضوع قانون تعیین تکلیف وضعیت ثبتی اراضی و ساختمانهای فاقد سند رسمی مستقر در واحد ثبتی حوزه ثبت ملک تصرفات مالکانه بلامعارض متقاضی فرزند بشماره شناسنامه صادره در ششدانگ یکباب ساختمان به مساحت متر مربع پلاک فرعی از اصلی واقع در بخش خریداری از مالک رسمی محرز گردیده است. لذا به منظور اطلاع عموم مراتب در دو نوبت به فاصله ۱۵ روز آگهی می‌شود در صورتی که اشخاص نسبت به صدور سند مالکیت متقاضی اعتراضی داشته باشند می‌توانند از تاریخ انتشار اولین آگهی به مدت دو ماه اعتراض خود را به این اداره تسلیم و پس از اخذ رسید ظرف مدت یک ماه از تاریخ تسلیم اعتراض، دادخواست خود را به مرجع قضایی تقدیم نمایند. بدیهی است در صورت انقضای مدت مذکور و عدم وصول اعتراض طبق مقررات سند مالکیت صادر خواهد شد.

برابر رای صادره به شماره ۱۴۰۳۶۰۳۱۹۰۰۴۰۰۰۳۰۱ هیات اول/دوم موضوع قانون تعیین تکلیف وضعیت ثبتی اراضی و ساختمانهای فاقد سند رسمی مستقر در واحد ثبتی حوزه ثبت ملک تصرفات مالکانه بلامعارض متقاضی فرزند بشماره شناسنامه صادره در ششدانگ یکباب ساختمان به مساحت متر مربع پلاک فرعی از اصلی واقع در بخش خریداری از مالک رسمی محرز گردیده است. لذا به منظور اطلاع عموم مراتب در دو نوبت به فاصله ۱۵ روز آگهی می‌شود در صورتی که اشخاص نسبت به صدور سند مالکیت متقاضی اعتراضی داشته باشند می‌توانند از تاریخ انتشار اولین آگهی به مدت دو ماه اعتراض خود را به این اداره تسلیم و پس از اخذ رسید ظرف مدت یک ماه از تاریخ تسلیم اعتراض، دادخواست خود را به مرجع قضایی تقدیم نمایند. بدیهی است در صورت انقضای مدت مذکور و عدم وصول اعتراض طبق مقررات سند مالکیت صادر خواهد شد.

تاریخ انتشار نوبت اول: ۱۴۰۳/۰۷/۰۱ تاریخ انتشار نوبت دوم: ۱۴۰۳/۰۷/۱۶
م الف ۴۳۸/۱۴۰۳
اردشیر محمودی
رئیس ثبت اسناد و املاک شهرستان ایرانشهر
هیات موضوع قانون تعیین تکلیف وضعیت ثبتی اراضی و ساختمانهای فاقد سند رسمی آگهی موضوع ماده ۳ قانون و ماده ۱۳ آیین نامه قانون تعیین تکلیف وضعیت ثبتی اراضی و ساختمانهای فاقد سند رسمی

برابر رای صادره به شماره ۱۴۰۳۶۰۳۱۹۰۰۴۰۰۰۳۰۱ هیات اول/دوم موضوع قانون تعیین تکلیف وضعیت ثبتی اراضی و ساختمانهای فاقد سند رسمی مستقر در واحد ثبتی حوزه ثبت ملک تصرفات مالکانه بلامعارض متقاضی فرزند بشماره شناسنامه صادره در ششدانگ یکباب ساختمان به مساحت متر مربع پلاک فرعی از اصلی واقع در بخش خریداری از مالک رسمی محرز گردیده است. لذا به منظور اطلاع عموم مراتب در دو نوبت به فاصله ۱۵ روز آگهی می‌شود در صورتی که اشخاص نسبت به صدور سند مالکیت متقاضی اعتراضی داشته باشند می‌توانند از تاریخ انتشار اولین آگهی به مدت دو ماه اعتراض خود را به این اداره تسلیم و پس از اخذ رسید ظرف مدت یک ماه از تاریخ تسلیم اعتراض، دادخواست خود را به مرجع قضایی تقدیم نمایند. بدیهی است در صورت انقضای مدت مذکور و عدم وصول اعتراض طبق مقررات سند مالکیت صادر خواهد شد.

برابر رای صادره به شماره ۱۴۰۳۶۰۳۱۹۰۰۴۰۰۰۳۰۱ هیات اول/دوم موضوع قانون تعیین تکلیف وضعیت ثبتی اراضی و ساختمانهای فاقد سند رسمی مستقر در واحد ثبتی حوزه ثبت ملک تصرفات مالکانه بلامعارض متقاضی فرزند بشماره شناسنامه صادره در ششدانگ یکباب ساختمان به مساحت متر مربع پلاک فرعی از اصلی واقع در بخش خریداری از مالک رسمی محرز گردیده است. لذا به منظور اطلاع عموم مراتب در دو نوبت به فاصله ۱۵ روز آگهی می‌شود در صورتی که اشخاص نسبت به صدور سند مالکیت متقاضی اعتراضی داشته باشند می‌توانند از تاریخ انتشار اولین آگهی به مدت دو ماه اعتراض خود را به این اداره تسلیم و پس از اخذ رسید ظرف مدت یک ماه از تاریخ تسلیم اعتراض، دادخواست خود را به مرجع قضایی تقدیم نمایند. بدیهی است در صورت انقضای مدت مذکور و عدم وصول اعتراض طبق مقررات سند مالکیت صادر خواهد شد.

تاریخ انتشار نوبت اول: ۱۴۰۳/۰۷/۰۱ تاریخ انتشار نوبت دوم: ۱۴۰۳/۰۷/۱۶
م الف ۴۳۹/۱۴۰۳
اردشیر محمودی
رئیس ثبت اسناد و املاک شهرستان ایرانشهر
هیات موضوع قانون تعیین تکلیف وضعیت ثبتی اراضی و ساختمانهای فاقد سند رسمی آگهی موضوع ماده ۳ قانون و ماده ۱۳ آیین نامه قانون تعیین تکلیف وضعیت ثبتی اراضی و ساختمانهای فاقد سند رسمی

برابر رای صادره به شماره ۱۴۰۳۶۰۳۱۹۰۰۴۰۰۰۳۰۱ هیات اول/دوم موضوع قانون تعیین تکلیف وضعیت ثبتی اراضی و ساختمانهای فاقد سند رسمی مستقر در واحد ثبتی حوزه ثبت ملک تصرفات مالکانه بلامعارض متقاضی فرزند بشماره شناسنامه صادره در ششدانگ یکباب ساختمان به مساحت متر مربع پلاک فرعی از اصلی واقع در بخش خریداری از مالک رسمی محرز گردیده است. لذا به منظور اطلاع عموم مراتب در دو نوبت به فاصله ۱۵ روز آگهی می‌شود در صورتی که اشخاص نسبت به صدور سند مالکیت متقاضی اعتراضی داشته باشند می‌توانند از تاریخ انتشار اولین آگهی به مدت دو ماه اعتراض خود را به این اداره تسلیم و پس از اخذ رسید ظرف مدت یک ماه از تاریخ تسلیم اعتراض، دادخواست خود را به مرجع قضایی تقدیم نمایند. بدیهی است در صورت انقضای مدت مذکور و عدم وصول اعتراض طبق مقررات سند مالکیت صادر خواهد شد.

برابر رای صادره به شماره ۱۴۰۳۶۰۳۱۹۰۰۴۰۰۰۳۰۱ هیات اول/دوم موضوع قانون تعیین تکلیف وضعیت ثبتی اراضی و ساختمانهای فاقد سند رسمی مستقر در واحد ثبتی حوزه ثبت ملک تصرفات مالکانه بلامعارض متقاضی فرزند بشماره شناسنامه صادره در ششدانگ یکباب ساختمان به مساحت متر مربع پلاک فرعی از اصلی واقع در بخش خریداری از مالک رسمی محرز گردیده است. لذا به منظور اطلاع عموم مراتب در دو نوبت به فاصله ۱۵ روز آگهی می‌شود در صورتی که اشخاص نسبت به صدور سند مالکیت متقاضی اعتراضی داشته باشند می‌توانند از تاریخ انتشار اولین آگهی به مدت دو ماه اعتراض خود را به این اداره تسلیم و پس از اخذ رسید ظرف مدت یک ماه از تاریخ تسلیم اعتراض، دادخواست خود را به مرجع قضایی تقدیم نمایند. بدیهی است در صورت انقضای مدت مذکور و عدم وصول اعتراض طبق مقررات سند مالکیت صادر خواهد شد.

تاریخ انتشار نوبت اول: ۱۴۰۳/۰۷/۰۱ تاریخ انتشار نوبت دوم: ۱۴۰۳/۰۷/۱۶
م الف ۲۰۰
حسین مرادی
رئیس ثبت اسناد و املاک
هیات موضوع قانون تعیین تکلیف وضعیت ثبتی اراضی و ساختمانهای فاقد سند رسمی آگهی موضوع ماده ۳ قانون و ماده ۱۳ آیین نامه قانون تعیین تکلیف وضعیت ثبتی اراضی و ساختمانهای فاقد سند رسمی

برابر رای صادره به شماره ۱۴۰۳۶۰۳۱۹۰۰۴۰۰۰۳۰۱ هیات اول/دوم موضوع قانون تعیین تکلیف وضعیت ثبتی اراضی و ساختمانهای فاقد سند رسمی مستقر در واحد ثبتی حوزه ثبت ملک تصرفات مالکانه بلامعارض متقاضی فرزند بشماره شناسنامه صادره در ششدانگ یکباب ساختمان به مساحت متر مربع پلاک فرعی از اصلی واقع در بخش خریداری از مالک رسمی محرز گردیده است. لذا به منظور اطلاع عموم مراتب در دو نوبت به فاصله ۱۵ روز آگهی می‌شود در صورتی که اشخاص نسبت به صدور سند مالکیت متقاضی اعتراضی داشته باشند می‌توانند از تاریخ انتشار اولین آگهی به مدت دو ماه اعتراض خود را به این اداره تسلیم و پس از اخذ رسید ظرف مدت یک ماه از تاریخ تسلیم اعتراض، دادخواست خود را به مرجع قضایی تقدیم نمایند. بدیهی است در صورت انقضای مدت مذکور و عدم وصول اعتراض طبق مقررات سند مالکیت صادر خواهد شد.

برابر رای صادره به شماره ۱۴۰۳۶۰۳۱۹۰۰۴۰۰۰۳۰۱ هیات اول/دوم موضوع قانون تعیین تکلیف وضعیت ثبتی اراضی و ساختمانهای فاقد سند رسمی مستقر در واحد ثبتی حوزه ثبت ملک تصرفات مالکانه بلامعارض متقاضی فرزند بشماره شناسنامه صادره در ششدانگ یکباب ساختمان به مساحت متر مربع پلاک فرعی از اصلی واقع در بخش خریداری از مالک رسمی محرز گردیده است. لذا به منظور اطلاع عموم مراتب در دو نوبت به فاصله ۱۵ روز آگهی می‌شود در صورتی که اشخاص نسبت به صدور سند مالکیت متقاضی اعتراضی داشته باشند می‌توانند از تاریخ انتشار اولین آگهی به مدت دو ماه اعتراض خود را به این اداره تسلیم و پس از اخذ رسید ظرف مدت یک ماه از تاریخ تسلیم اعتراض، دادخواست خود را به مرجع قضایی تقدیم نمایند. بدیهی است در صورت انقضای مدت مذکور و عدم وصول اعتراض طبق مقررات سند مالکیت صادر خواهد شد.

تاریخ انتشار نوبت اول: ۱۴۰۳/۰۷/۰۱ تاریخ انتشار نوبت دوم: ۱۴۰۳/۰۷/۱۶
م الف ۲۰۱
اسحق بیگلی
رئیس ثبت اسناد و املاک
هیات موضوع قانون تعیین تکلیف وضعیت ثبتی اراضی و ساختمانهای فاقد سند رسمی آگهی موضوع ماده ۳ قانون و ماده ۱۳ آیین نامه قانون تعیین تکلیف وضعیت ثبتی اراضی و ساختمانهای فاقد سند رسمی

برابر رای صادره به شماره ۱۴۰۳۶۰۳۱۹۰۰۴۰۰۰۳۰۱ هیات اول/دوم موضوع قانون تعیین تکلیف وضعیت ثبتی اراضی و ساختمانهای فاقد سند رسمی مستقر در واحد ثبتی حوزه ثبت ملک تصرفات مالکانه بلامعارض متقاضی فرزند بشماره شناسنامه صادره در ششدانگ یکباب ساختمان به مساحت متر مربع پلاک فرعی از اصلی واقع در بخش خریداری از مالک رسمی محرز گردیده است. لذا به منظور اطلاع عموم مراتب در دو نوبت به فاصله ۱۵ روز آگهی می‌شود در صورتی که اشخاص نسبت به صدور سند مالکیت متقاضی اعتراضی داشته باشند می‌توانند از تاریخ انتشار اولین آگهی به مدت دو ماه اعتراض خود را به این اداره تسلیم و پس از اخذ رسید ظرف مدت یک ماه از تاریخ تسلیم اعتراض، دادخواست خود را به مرجع قضایی تقدیم نمایند. بدیهی است در صورت انقضای مدت مذکور و عدم وصول اعتراض طبق مقررات سند مالکیت صادر خواهد شد.

تاریخ انتشار نوبت اول: ۱۴۰۳/۰۷/۰۱ تاریخ انتشار نوبت دوم: ۱۴۰۳/۰۷/۱۶
م الف ۲۰۲
ناصر کلانتری
رئیس ثبت اسناد و املاک
هیات موضوع قانون تعیین تکلیف وضعیت ثبتی اراضی و ساختمانهای فاقد سند رسمی آگهی موضوع ماده ۳ قانون و ماده ۱۳ آیین نامه قانون تعیین تکلیف وضعیت ثبتی اراضی و ساختمانهای فاقد سند رسمی

برابر رای صادره به شماره ۱۴۰۳۶۰۳۱۹۰۰۴۰۰۰۳۰۱ هیات اول/دوم موضوع قانون تعیین تکلیف وضعیت ثبتی اراضی و ساختمانهای فاقد سند رسمی مستقر در واحد ثبتی حوزه ثبت ملک تصرفات مالکانه بلامعارض متقاضی فرزند بشماره شناسنامه صادره در ششدانگ یکباب ساختمان به مساحت متر مربع پلاک فرعی از اصلی واقع در بخش خریداری از مالک رسمی محرز گردیده است. لذا به منظور اطلاع عموم مراتب در دو نوبت به فاصله ۱۵ روز آگهی می‌شود در صورتی که اشخاص نسبت به صدور سند مالکیت متقاضی اعتراضی داشته باشند می‌توانند از تاریخ انتشار اولین آگهی به مدت دو ماه اعتراض خود را به این اداره تسلیم و پس از اخذ رسید ظرف مدت یک ماه از تاریخ تسلیم اعتراض، دادخواست خود را به مرجع قضایی تقدیم نمایند. بدیهی است در صورت انقضای مدت مذکور و عدم وصول اعتراض طبق مقررات سند مالکیت صادر خواهد شد.

برابر رای صادره به شماره ۱۴۰۳۶۰۳۱۹۰۰۴۰۰۰۳۰۱ هیات اول/دوم موضوع قانون تعیین تکلیف وضعیت ثبتی اراضی و ساختمانهای فاقد سند رسمی مستقر در واحد ثبتی حوزه ثبت ملک تصرفات مالکانه بلامعارض متقاضی فرزند بشماره شناسنامه صادره در ششدانگ یکباب ساختمان به مساحت متر مربع پلاک فرعی از اصلی واقع در بخش خریداری از مالک رسمی محرز گردیده است. لذا به منظور اطلاع عموم مراتب در دو نوبت به فاصله ۱۵ روز آگهی می‌شود در صورتی که اشخاص نسبت به صدور سند مالکیت متقاضی اعتراضی داشته باشند می‌توانند از تاریخ انتشار اولین آگهی به مدت دو ماه اعتراض خود را به این اداره تسلیم و پس از اخذ رسید ظرف مدت یک ماه از تاریخ تسلیم اعتراض، دادخواست خود را به مرجع قضایی تقدیم نمایند. بدیهی است در صورت انقضای مدت مذکور و عدم وصول اعتراض طبق مقررات سند مالکیت صادر خواهد شد.

تاریخ انتشار نوبت اول: ۱۴۰۳/۰۷/۰۱ تاریخ انتشار نوبت دوم: ۱۴۰۳/۰۷/۱۶
م الف ۳۸۲
ناصر کلانتری
رئیس ثبت اسناد و املاک
هیات موضوع قانون تعیین تکلیف وضعیت ثبتی اراضی و ساختمانهای فاقد سند رسمی آگهی موضوع ماده ۳ قانون و ماده ۱۳ آیین نامه قانون تعیین تکلیف وضعیت ثبتی اراضی و ساختمانهای فاقد سند رسمی

برابر رای صادره به شماره ۱۴۰۳۶۰۳۱۹۰۰۴۰۰۰۳۰۱ هیات اول/دوم موضوع قانون تعیین تکلیف وضعیت ثبتی اراضی و ساختمانهای فاقد سند رسمی مستقر در واحد ثبتی حوزه ثبت ملک تصرفات مالکانه بلامعارض متقاضی فرزند بشماره شناسنامه صادره در ششدانگ یکباب ساختمان به مساحت متر مربع پلاک فرعی از اصلی واقع در بخش خریداری از مالک رسمی محرز گردیده است. لذا به منظور اطلاع عموم مراتب در دو نوبت به فاصله ۱۵ روز آگهی می‌شود در صورتی که اشخاص نسبت به صدور سند مالکیت متقاضی اعتراضی داشته باشند می‌توانند از تاریخ انتشار اولین آگهی به مدت دو ماه اعتراض خود را به این اداره تسلیم و پس از اخذ رسید ظرف مدت یک ماه از تاریخ تسلیم اعتراض، دادخواست خود را به مرجع قضایی تقدیم نمایند. بدیهی است در صورت انقضای مدت مذکور و عدم وصول اعتراض طبق مقررات سند مالکیت صادر خواهد شد.

برابر رای صادره به شماره ۱۴۰۳۶۰۳۱۹۰۰۴۰۰۰۳۰۱ هیات اول/دوم موضوع قانون تعیین تکلیف وضعیت ثبتی اراضی و ساختمانهای فاقد سند رسمی مستقر در واحد ثبتی حوزه ثبت ملک تصرفات مالکانه بلامعارض متقاضی فرزند بشماره شناسنامه صادره در ششدانگ یکباب ساختمان به مساحت متر مربع پلاک فرعی از اصلی واقع در بخش خریداری از مالک رسمی محرز گردیده است. لذا به منظور اطلاع عموم مراتب در دو نوبت به فاصله ۱۵ روز آگهی می‌شود در صورتی که اشخاص نسبت به صدور سند مالکیت متقاضی اعتراضی داشته باشند می‌توانند از تاریخ انتشار اولین آگهی به مدت دو ماه اعتراض خود را به این اداره تسلیم و پس از اخذ رسید ظرف مدت یک ماه از تاریخ تسلیم اعتراض، دادخواست خود را به مرجع قضایی تقدیم نمایند. بدیهی است در صورت انقضای مدت مذکور و عدم وصول اعتراض طبق مقررات سند مالکیت صادر خواهد شد.

تاریخ انتشار نوبت اول: ۱۴۰۳/۰۷/۰۱ تاریخ انتشار نوبت دوم: ۱۴۰۳/۰۷/۱۶
م الف ۳۸۳
علیرضا غلامی
رئیس اداره ثبت اسناد و املاک شهرستان نهاوند
هیات موضوع قانون تعیین تکلیف وضعیت ثبتی اراضی و ساختمانهای فاقد سند رسمی آگهی موضوع ماده ۳ قانون و ماده ۱۳ آیین نامه قانون تعیین تکلیف وضعیت ثبتی اراضی و ساختمانهای فاقد سند رسمی

برابر رای صادره به شماره ۱۴۰۳۶۰۳۱۹۰۰۴۰۰۰۳۰۱ هیات اول/دوم موضوع قانون تعیین تکلیف وضعیت ثبتی اراضی و ساختمانهای فاقد سند رسمی مستقر در واحد ثبتی حوزه ثبت ملک تصرفات مالکانه بلامعارض متقاضی فرزند بشماره شناسنامه صادره در ششدانگ یکباب ساختمان به مساحت متر مربع پلاک فرعی از اصلی واقع در بخش خریداری از مالک رسمی محرز گردیده است. لذا به منظور اطلاع عموم مراتب در دو نوبت به فاصله ۱۵ روز آگهی می‌شود در صورتی که اشخاص نسبت به صدور سند مالکیت متقاضی اعتراضی داشته باشند می‌توانند از تاریخ انتشار اولین آگهی به مدت دو ماه اعتراض خود را به این اداره تسلیم و پس از اخذ رسید ظرف مدت یک ماه از تاریخ تسلیم اعتراض، دادخواست خود را به مرجع قضایی تقدیم نمایند. بدیهی است در صورت انقضای مدت مذکور و عدم وصول اعتراض طبق مقررات سند مالکیت صادر خواهد شد.

برابر رای صادره به شماره ۱۴۰۳۶۰۳۱۹۰۰۴۰۰۰۳۰۱ هیات اول/دوم موضوع قانون تعیین تکلیف وضعیت ثبتی اراضی و ساختمانهای فاقد سند رسمی مستقر در واحد ثبتی حوزه ثبت ملک تصرفات مالکانه بلامعارض متقاضی فرزند بشماره شناسنامه صادره در ششدانگ یکباب ساختمان به مساحت متر مربع پلاک فرعی از اصلی واقع در بخش خریداری از مالک رسمی محرز گردیده است. لذا به منظور اطلاع عموم مراتب در دو نوبت به فاصله ۱۵ روز آگهی می‌شود در صورتی که اشخاص نسبت به صدور سند مالکیت متقاضی اعتراضی داشته باشند می‌توانند از تاریخ انتشار اولین آگهی به مدت دو ماه اعتراض خود را به این اداره تسلیم و پس از اخذ رسید ظرف مدت یک ماه از تاریخ تسلیم اعتراض، دادخواست خود را به مرجع قضایی تقدیم نمایند. بدیهی است در صورت انقضای مدت مذکور و عدم وصول اعتراض طبق مقررات سند مالکیت صادر خواهد شد.

برابر رای صادره به شماره ۱۴۰۳۶۰۳۱۹۰۰۴۰۰۰۳۰۱ هیات اول/دوم موضوع قانون تعیین تکلیف وضعیت ثبتی اراضی و ساختمانهای فاقد سند رسمی مستقر در واحد ثبتی حوزه ثبت ملک تصرفات مالکانه بلامعارض متقاضی فرزند بشماره شناسنامه صادره در ششدانگ یکباب ساختمان به مساحت متر مربع پلاک فرعی از اصلی واقع در بخش خریداری از مالک رسمی محرز گردیده است. لذا به منظور اطلاع عموم مراتب در دو نوبت به فاصله ۱۵ روز آگهی می‌شود در صورتی که اشخاص نسبت به صدور سند مالکیت متقاضی اعتراضی داشته باشند می‌توانند از تاریخ انتشار اولین آگهی به مدت دو ماه اعتراض خود را به این اداره تسلیم و پس از اخذ رسید ظرف مدت یک ماه از تاریخ تسلیم اعتراض، دادخواست خود را به مرجع قضایی تقدیم نمایند. بدیهی است در صورت انقضای مدت مذکور و عدم وصول اعتراض طبق مقررات سند مالکیت صادر خواهد شد.

تاریخ انتشار نوبت اول: ۱۴۰۳/۰۷/۰۱ تاریخ انتشار نوبت دوم: ۱۴۰۳/۰۷/۱۶
م الف ۳۸۴
مسئول واحد اجرای اسناد رسمی
اداره ثبت اسناد و املاک
هیات موضوع قانون تعیین تکلیف وضعیت ثبتی اراضی و ساختمانهای فاقد سند رسمی آگهی موضوع ماده ۳ قانون و ماده ۱۳ آیین نامه قانون تعیین تکلیف وضعیت ثبتی اراضی و ساختمانهای فاقد سند رسمی

برابر رای صادره به شماره ۱۴۰۳۶۰۳۱۹۰۰۴۰۰۰۳۰۱ هیات اول/دوم موضوع قانون تعیین تکلیف وضعیت ثبتی اراضی و ساختمانهای فاقد سند رسمی مستقر در واحد ثبتی حوزه ثبت ملک تصرفات مالکانه بلامعارض متقاضی فرزند بشماره شناسنامه صادره در ششدانگ یکباب ساختمان به مساحت متر مربع پلاک فرعی از اصلی واقع در بخش خریداری از مالک رسمی محرز گردیده است. لذا به منظور اطلاع عموم مراتب در دو نوبت به فاصله ۱۵ روز آگهی می‌شود در صورتی که اشخاص نسبت به صدور سند مالکیت متقاضی اعتراضی داشته باشند می‌توانند از تاریخ انتشار اولین آگهی به مدت دو ماه اعتراض خود را به این اداره تسلیم و پس از اخذ رسید ظرف مدت یک ماه از تاریخ تسلیم اعتراض، دادخواست خود را به مرجع قضایی تقدیم نمایند. بدیهی است در صورت انقضای مدت مذکور و عدم وصول اعتراض طبق مقررات سند مالکیت صادر خواهد شد.

برابر رای صادره به شماره ۱۴۰۳۶۰۳۱۹۰۰۴۰۰۰۳۰۱ هیات اول/دوم موضوع قانون تعیین تکلیف وضعیت ثبتی اراضی و ساختمانهای فاقد سند رسمی مستقر در واحد ثبتی حوزه ثبت ملک تصرفات مالکانه بلامعارض متقاضی فرزند بشماره شناسنامه صادره در ششدانگ یکباب ساختمان به مساحت متر مربع پلاک فرعی از اصلی واقع در بخش خریداری از مالک رسمی محرز گردیده است. لذا به منظور اطلاع عموم مراتب در دو نوبت به فاصله ۱۵ روز آگهی می‌شود در صورتی که اشخاص نسبت به صدور سند مالکیت متقاضی اعتراضی داشته باشند می‌توانند از تاریخ انتشار اولین آگهی به مدت دو ماه اعتراض خود را به این اداره تسلیم و پس از اخذ رسید ظرف مدت یک ماه از تاریخ تسلیم اعتراض، دادخواست خود را به مرجع قضایی تقدیم نمایند. بدیهی است در صورت انقضای مدت مذکور و عدم وصول اعتراض طبق مقررات سند مالکیت صادر خواهد شد.

برابر رای صادره به شماره ۱۴۰۳۶۰۳۱۹۰۰۴۰۰۰۳۰۱ هیات اول/دوم موضوع قانون تعیین تکلیف وضعیت ثبتی اراضی و ساختمانهای فاقد سند رسمی مستقر در واحد ثبتی حوزه ثبت ملک تصرفات مالکانه بلامعارض متقاضی فرزند بشماره شناسنامه صادره در ششدانگ یکباب ساختمان به مساحت متر مربع پلاک فرعی از اصلی واقع در بخش خریداری از مالک رسمی محرز گردیده است. لذا به منظور اطلاع عموم مراتب در دو نوبت به فاصله ۱۵ روز آگهی می‌شود در صورتی که اشخاص نسبت به صدور سند مالکیت متقاضی اعتراضی داشته باشند می‌توانند از تاریخ انتشار اولین آگهی به مدت دو ماه اعتراض خود را به این اداره تسلیم و پس از اخذ رسید ظرف مدت یک ماه از تاریخ تسلیم اعتراض، دادخواست خود را به مرجع قضایی تقدیم نمایند. بدیهی است در صورت انقضای مدت مذکور و عدم وصول اعتراض طبق مقررات سند مالکیت صادر خواهد شد.

تاریخ انتشار نوبت اول: ۱۴۰۳/۰۷/۰۱ تاریخ انتشار نوبت دوم: ۱۴۰۳/۰۷/۱۶
م الف ۵/۲۰۸
رئیس ثبت اسناد و املاک شهرستان کوثر
حامد اسدی
هیات موضوع قانون تعیین تکلیف وضعیت ثبتی اراضی و ساختمانهای فاقد سند رسمی آگهی موضوع ماده ۳ قانون و ماده ۱۳ آیین نامه قانون تعیین تکلیف وضعیت ثبتی اراضی و ساختمانهای فاقد سند رسمی

برابر رای صادره به شماره ۱۴۰۳۶۰۳۱۹۰۰۴۰۰۰۳۰۱ هیات اول/دوم موضوع قانون تعیین تکلیف وضعیت ثبتی اراضی و ساختمانهای فاقد سند رسمی مستقر در واحد ثبتی حوزه ثبت ملک تصرفات مالکانه بلامعارض متقاضی فرزند بشماره شناسنامه صادره در ششدانگ یکباب ساختمان به مساحت متر مربع پلاک فرعی از اصلی واقع در بخش خریداری از مالک رسمی محرز گردیده است. لذا به منظور اطلاع عموم مراتب در دو نوبت به فاصله ۱۵ روز آگهی می‌شود در صورتی که اشخاص نسبت به صدور سند مالکیت متقاضی اعتراضی داشته باشند می‌توانند از تاریخ انتشار اولین آگهی به مدت دو ماه اعتراض خود را به این اداره تسلیم و پس از اخذ رسید ظرف مدت یک ماه از تاریخ تسلیم اعتراض، دادخواست خود را به مرجع قضایی تقدیم نمایند. بدیهی است در صورت انقضای مدت مذکور و عدم وصول اعتراض طبق مقررات سند مالکیت صادر خواهد شد.

برابر رای صادره به شماره ۱۴۰۳۶۰۳۱۹۰۰۴۰۰۰۳۰۱ هیات اول/دوم موضوع قانون تعیین تکلیف وضعیت ثبتی اراضی و ساختمانهای فاقد سند رسمی مستقر در واحد ثبتی حوزه ثبت ملک تصرفات مالکانه بلامعارض متقاضی فرزند بشماره شناسنامه صادره در ششدانگ یکباب ساختمان به مساحت متر مربع پلاک فرعی از اصلی واقع در بخش خریداری از مالک رسمی محرز گردیده است. لذا به منظور اطلاع عموم مراتب در دو نوبت به فاصله ۱۵ روز آگهی می‌شود در صورتی که اشخاص نسبت به صدور سند مالکیت متقاضی اعتراضی داشته باشند می‌توانند از تاریخ انتشار اولین آگهی به مدت دو ماه اعتراض خود را به این اداره تسلیم و پس از اخذ رسید ظرف مدت یک ماه از تاریخ تسلیم اعتراض، دادخواست خود را به مرجع قضایی تقدیم نمایند. بدیهی است در صورت انقضای مدت مذکور و عدم وصول اعتراض طبق مقررات سند مالکیت صادر خواهد شد.

تاریخ انتشار نوبت اول: ۱۴۰۳/۰۷/۰۱ تاریخ انتشار نوبت دوم: ۱۴۰۳/۰۷/۱۶
م الف ۳۸۵
عباس رحمت پورزینلی
رئیس اداره ثبت اسناد و املاک
هیات موضوع قانون تعیین تکلیف وضعیت ثبتی اراضی و ساختمانهای فاقد سند رسمی آگهی موضوع ماده ۳ قانون و ماده ۱۳ آیین نامه قانون تعیین تکلیف وضعیت ثبتی اراضی و ساختمانهای فاقد سند رسمی

برابر رای صادره به شماره ۱۴۰۳۶۰۳۱۹۰۰۴۰۰۰۳۰۱ هیات اول/دوم موضوع قانون تعیین تکلیف وضعیت ثبتی اراضی و ساختمانهای فاقد سند رسمی مستقر در واحد ثبتی حوزه ثبت ملک تصرفات مالکانه بلامعارض متقاضی فرزند بشماره شناسنامه صادره در ششدانگ یکباب ساختمان به مساحت متر مربع پلاک فرعی از اصلی واقع در بخش خریداری از مالک رسمی محرز گردیده است. لذا به منظور اطلاع عموم مراتب در دو نوبت به فاصله ۱۵ روز آگهی می‌شود در صورتی که اشخاص نسبت به صدور سند مالکیت متقاضی اعتراضی داشته باشند می‌توانند از تاریخ انتشار اولین آگهی به مدت دو ماه اعتراض خود را به این اداره تسلیم و پس از اخذ رسید ظرف مدت یک ماه از تاریخ تسلیم اعتراض، دادخواست خود را به مرجع قضایی تقدیم نمایند. بدیهی است در صورت انقضای مدت مذکور و عدم وصول اعتراض طبق مقررات سند مالکیت صادر خواهد شد.

برابر رای صادره به شماره ۱۴۰۳۶۰۳۱۹۰۰۴۰۰۰۳۰۱ هیات اول/دوم موضوع قانون تعیین تکلیف وضعیت ثبتی اراضی و ساختمانهای فاقد سند رسمی مستقر در واحد ثبتی حوزه ثبت ملک تصرفات مالکانه بلامعارض متقاضی فرزند بشماره شناسنامه صادره در ششدانگ یکباب ساختمان به مساحت متر مربع پلاک فرعی از اصلی واقع در بخش خریداری از مالک رسمی محرز گردیده است. لذا به منظور اطلاع عموم مراتب در دو نوبت به فاصله ۱۵ روز آگهی می‌شود در صورتی که اشخاص نسبت به صدور سند مالکیت متقاضی اعتراضی داشته باشند می‌توانند از تاریخ انتشار اولین آگهی به مدت دو ماه اعتراض خود را به این اداره تسلیم و پس از اخذ رسید ظرف مدت یک ماه از تاریخ تسلیم اعتراض، دادخواست خود را به مرجع قضایی تقدیم نمایند. بدیهی است در صورت انقضای مدت مذکور و عدم وصول اعتراض طبق مقررات سند مالکیت صادر خواهد شد.

تاریخ انتشار نوبت اول: ۱۴۰۳/۰۷/۰۱ تاریخ انتشار نوبت دوم: ۱۴۰۳/۰۷/۱۶
م الف ۳۸۶
علی غلامی
رئیس اداره ثبت اسناد و املاک شهرستان
هیات موضوع قانون تعیین تکلیف وضعیت ثبتی اراضی و ساختمانهای فاقد سند رسمی آگهی موضوع ماده ۳ قانون و ماده ۱۳ آیین نامه قانون تعیین تکلیف وضعیت ثبتی اراضی و ساختمانهای فاقد سند رسمی

برابر رای صادره به شماره ۱۴۰۳۶۰۳۱۹۰۰۴۰۰۰۳۰۱ هیات اول/دوم موضوع قانون تعیین تکلیف وضعیت ثبتی اراضی و ساختمانهای فاقد سند رسمی مستقر در واحد ثبتی حوزه ثبت ملک تصرفات مالکانه بلامعارض متقاضی فرزند بشماره شناسنامه صادره در ششدانگ یکباب ساختمان به مساحت متر مربع پلاک فرعی از اصلی واقع در بخش خریداری از مالک رسمی محرز گردیده است. لذا به منظور اطلاع عموم مراتب در دو نوبت به فاصله ۱۵ روز آگهی می‌شود در صورتی که اشخاص نسبت به صدور سند مالکیت متقاضی اعتراضی داشته باشند می‌توانند از تاریخ انتشار اولین آگهی به مدت دو ماه اعتراض خود را به این اداره تسلیم و پس از اخذ رسید ظرف مدت یک ماه از تاریخ تسلیم اعتراض، دادخواست خود را به مرجع قضایی تقدیم نمایند. بدیهی است در صورت انقضای مدت مذکور و عدم وصول اعتراض طبق مقررات سند مالکیت صادر خواهد شد.

تاریخ انتشار نوبت اول: ۱۴۰۳/۰۷/۰۱ تاریخ انتشار نوبت دوم: ۱۴۰۳/۰۷/۱۶
م الف ۶۶۵۴
سرپرست ثبت اسناد و املاک بجار
جعفر بزرگ
